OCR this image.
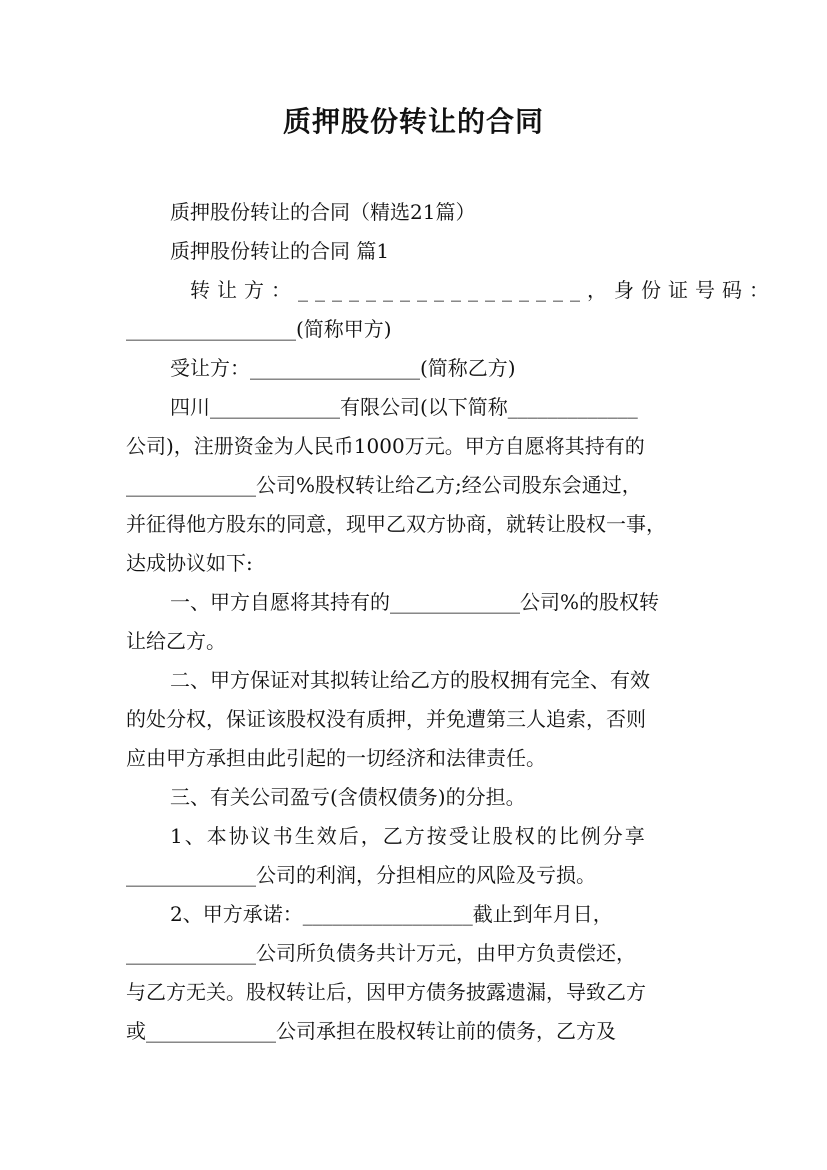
质押股份转让的合同
质押股份转让的合同（精选21篇）
质押股份转让的合同 篇1
转让方：_________________，身份证号码：
_________________(简称甲方)
受让方：_________________(简称乙方)
四川_____________有限公司(以下简称_____________
公司)，注册资金为人民币1000万元。甲方自愿将其持有的
_____________公司%股权转让给乙方;经公司股东会通过，
并征得他方股东的同意，现甲乙双方协商，就转让股权一事，
达成协议如下:
一、甲方自愿将其持有的_____________公司%的股权转
让给乙方。
二、甲方保证对其拟转让给乙方的股权拥有完全、有效
的处分权，保证该股权没有质押，并免遭第三人追索，否则
应由甲方承担由此引起的一切经济和法律责任。
三、有关公司盈亏(含债权债务)的分担。
1、本协议书生效后，乙方按受让股权的比例分享
_____________公司的利润，分担相应的风险及亏损。
2、甲方承诺：_________________截止到年月日，
_____________公司所负债务共计万元，由甲方负责偿还，
与乙方无关。股权转让后，因甲方债务披露遗漏，导致乙方
或_____________公司承担在股权转让前的债务，乙方及
